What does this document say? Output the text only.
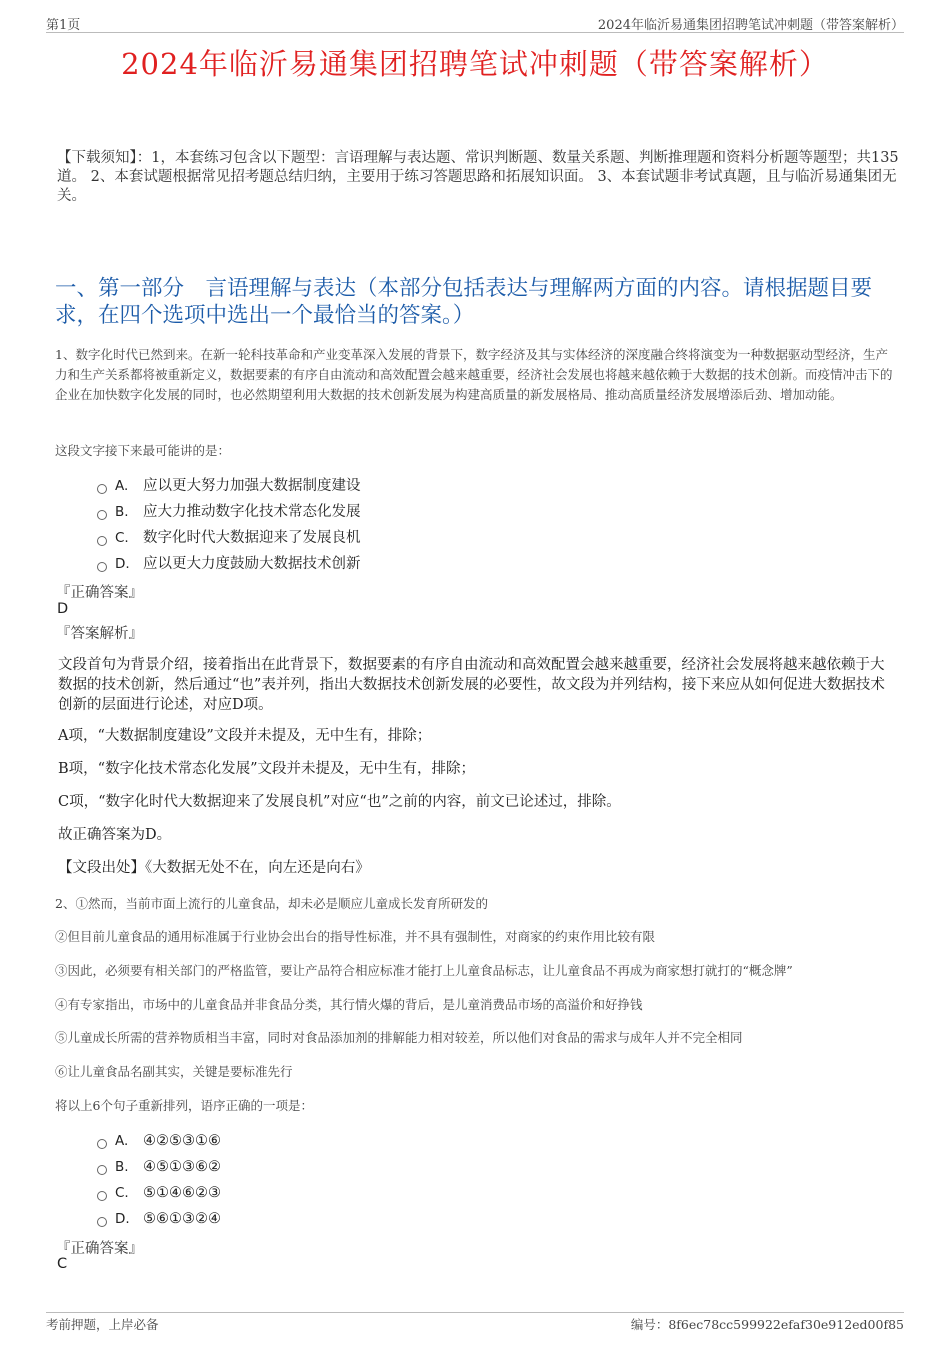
第1页	2024年临沂易通集团招聘笔试冲刺题（带答案解析）
2024年临沂易通集团招聘笔试冲刺题（带答案解析）
【下载须知】：1，本套练习包含以下题型：言语理解与表达题、常识判断题、数量关系题、判断推理题和资料分析题等题型；共135道。 2、本套试题根据常见招考题总结归纳，主要用于练习答题思路和拓展知识面。 3、本套试题非考试真题，且与临沂易通集团无关。
一、第一部分　言语理解与表达（本部分包括表达与理解两方面的内容。请根据题目要求，在四个选项中选出一个最恰当的答案。）
1、数字化时代已然到来。在新一轮科技革命和产业变革深入发展的背景下，数字经济及其与实体经济的深度融合终将演变为一种数据驱动型经济，生产力和生产关系都将被重新定义，数据要素的有序自由流动和高效配置会越来越重要，经济社会发展也将越来越依赖于大数据的技术创新。而疫情冲击下的企业在加快数字化发展的同时，也必然期望利用大数据的技术创新发展为构建高质量的新发展格局、推动高质量经济发展增添后劲、增加动能。
这段文字接下来最可能讲的是：
A. 应以更大努力加强大数据制度建设
B. 应大力推动数字化技术常态化发展
C. 数字化时代大数据迎来了发展良机
D. 应以更大力度鼓励大数据技术创新
『正确答案』
D
『答案解析』
文段首句为背景介绍，接着指出在此背景下，数据要素的有序自由流动和高效配置会越来越重要，经济社会发展将越来越依赖于大数据的技术创新，然后通过“也”表并列，指出大数据技术创新发展的必要性，故文段为并列结构，接下来应从如何促进大数据技术创新的层面进行论述，对应D项。
A项，“大数据制度建设”文段并未提及，无中生有，排除；
B项，“数字化技术常态化发展”文段并未提及，无中生有，排除；
C项，“数字化时代大数据迎来了发展良机”对应“也”之前的内容，前文已论述过，排除。
故正确答案为D。
【文段出处】《大数据无处不在，向左还是向右》
2、①然而，当前市面上流行的儿童食品，却未必是顺应儿童成长发育所研发的
②但目前儿童食品的通用标准属于行业协会出台的指导性标准，并不具有强制性，对商家的约束作用比较有限
③因此，必须要有相关部门的严格监管，要让产品符合相应标准才能打上儿童食品标志，让儿童食品不再成为商家想打就打的“概念牌”
④有专家指出，市场中的儿童食品并非食品分类，其行情火爆的背后，是儿童消费品市场的高溢价和好挣钱
⑤儿童成长所需的营养物质相当丰富，同时对食品添加剂的排解能力相对较差，所以他们对食品的需求与成年人并不完全相同
⑥让儿童食品名副其实，关键是要标准先行
将以上6个句子重新排列，语序正确的一项是：
A. ④②⑤③①⑥
B. ④⑤①③⑥②
C. ⑤①④⑥②③
D. ⑤⑥①③②④
『正确答案』
C
考前押题，上岸必备	编号：8f6ec78cc599922efaf30e912ed00f85
